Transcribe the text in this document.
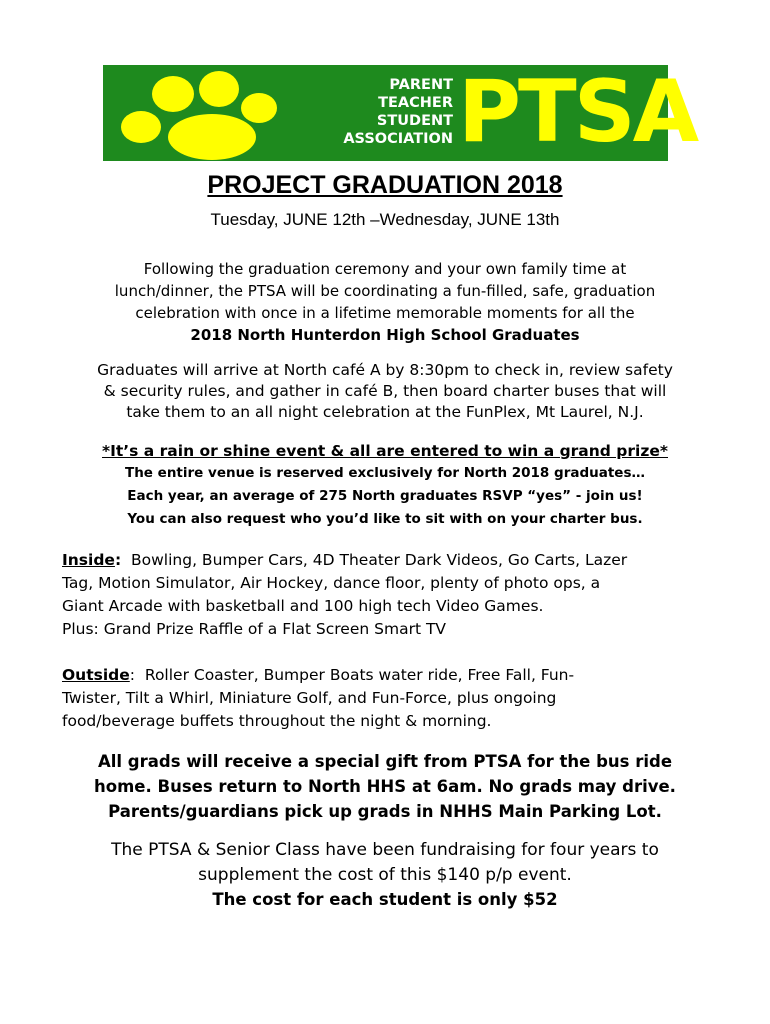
PARENT
TEACHER
STUDENT
ASSOCIATION PTSA
PROJECT GRADUATION 2018
Tuesday, JUNE 12th –Wednesday, JUNE 13th
Following the graduation ceremony and your own family time at
lunch/dinner, the PTSA will be coordinating a fun-filled, safe, graduation
celebration with once in a lifetime memorable moments for all the
2018 North Hunterdon High School Graduates
Graduates will arrive at North café A by 8:30pm to check in, review safety
& security rules, and gather in café B, then board charter buses that will
take them to an all night celebration at the FunPlex, Mt Laurel, N.J.
*It’s a rain or shine event & all are entered to win a grand prize*
The entire venue is reserved exclusively for North 2018 graduates…
Each year, an average of 275 North graduates RSVP “yes” - join us!
You can also request who you’d like to sit with on your charter bus.
Inside:  Bowling, Bumper Cars, 4D Theater Dark Videos, Go Carts, Lazer
Tag, Motion Simulator, Air Hockey, dance floor, plenty of photo ops, a
Giant Arcade with basketball and 100 high tech Video Games.
Plus: Grand Prize Raffle of a Flat Screen Smart TV
Outside:  Roller Coaster, Bumper Boats water ride, Free Fall, Fun-
Twister, Tilt a Whirl, Miniature Golf, and Fun-Force, plus ongoing
food/beverage buffets throughout the night & morning.
All grads will receive a special gift from PTSA for the bus ride
home. Buses return to North HHS at 6am. No grads may drive.
Parents/guardians pick up grads in NHHS Main Parking Lot.
The PTSA & Senior Class have been fundraising for four years to
supplement the cost of this $140 p/p event.
The cost for each student is only $52
